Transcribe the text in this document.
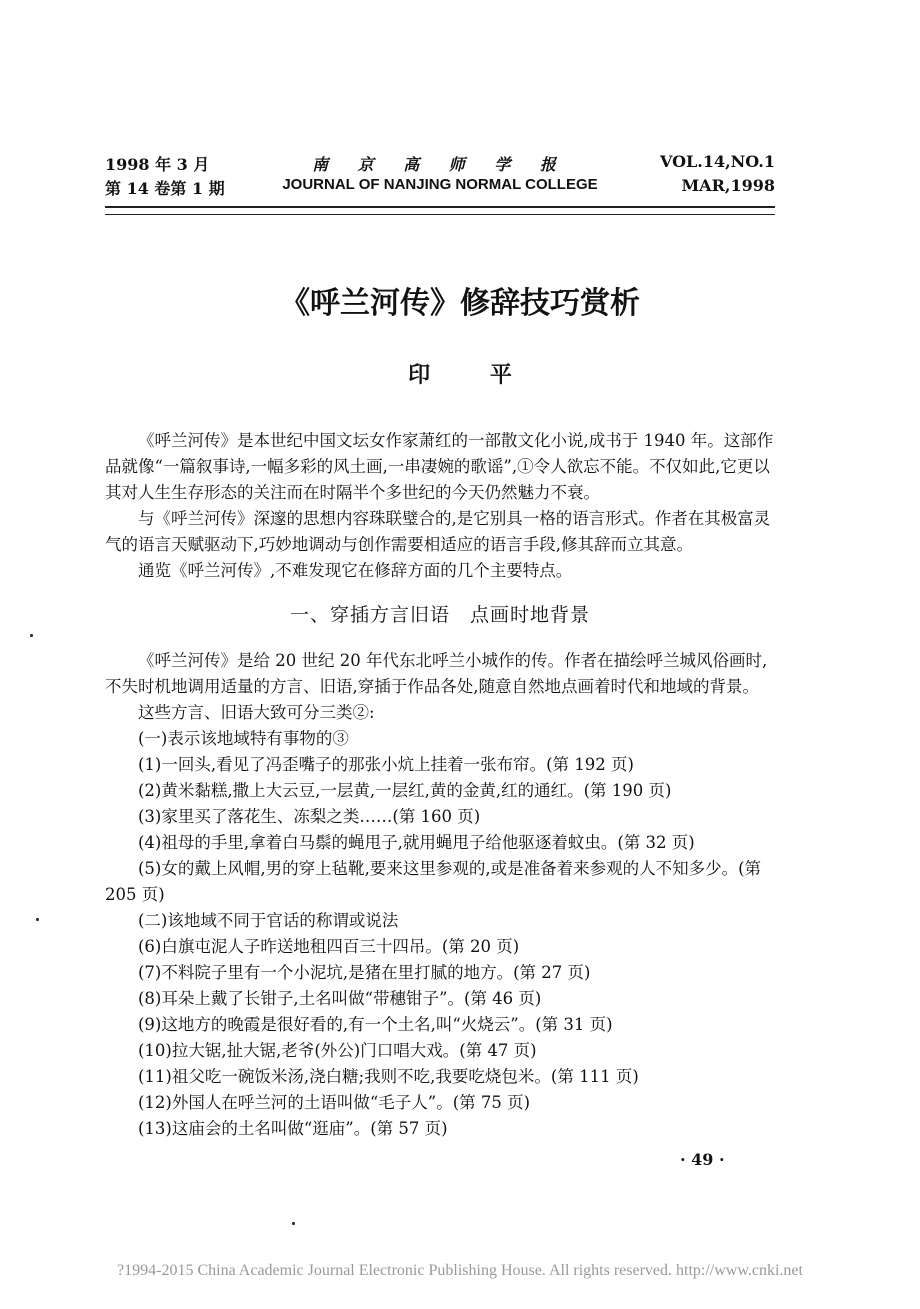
1998 年 3 月	南 京 高 师 学 报	VOL.14,NO.1
第 14 卷第 1 期	JOURNAL OF NANJING NORMAL COLLEGE	MAR,1998
《呼兰河传》修辞技巧赏析
印 平

《呼兰河传》是本世纪中国文坛女作家萧红的一部散文化小说,成书于 1940 年。这部作品就像“一篇叙事诗,一幅多彩的风土画,一串凄婉的歌谣”,①令人欲忘不能。不仅如此,它更以其对人生生存形态的关注而在时隔半个多世纪的今天仍然魅力不衰。

与《呼兰河传》深邃的思想内容珠联璧合的,是它别具一格的语言形式。作者在其极富灵气的语言天赋驱动下,巧妙地调动与创作需要相适应的语言手段,修其辞而立其意。

通览《呼兰河传》,不难发现它在修辞方面的几个主要特点。

一、穿插方言旧语　点画时地背景

《呼兰河传》是给 20 世纪 20 年代东北呼兰小城作的传。作者在描绘呼兰城风俗画时,不失时机地调用适量的方言、旧语,穿插于作品各处,随意自然地点画着时代和地域的背景。

这些方言、旧语大致可分三类②:

(一)表示该地域特有事物的③

(1)一回头,看见了冯歪嘴子的那张小炕上挂着一张布帘。(第 192 页)

(2)黄米黏糕,撒上大云豆,一层黄,一层红,黄的金黄,红的通红。(第 190 页)

(3)家里买了落花生、冻梨之类……(第 160 页)

(4)祖母的手里,拿着白马鬃的蝇甩子,就用蝇甩子给他驱逐着蚊虫。(第 32 页)

(5)女的戴上风帽,男的穿上毡靴,要来这里参观的,或是准备着来参观的人不知多少。(第 205 页)

(二)该地域不同于官话的称谓或说法

(6)白旗屯泥人子昨送地租四百三十四吊。(第 20 页)

(7)不料院子里有一个小泥坑,是猪在里打腻的地方。(第 27 页)

(8)耳朵上戴了长钳子,土名叫做“带穗钳子”。(第 46 页)

(9)这地方的晚霞是很好看的,有一个土名,叫“火烧云”。(第 31 页)

(10)拉大锯,扯大锯,老爷(外公)门口唱大戏。(第 47 页)

(11)祖父吃一碗饭米汤,浇白糖;我则不吃,我要吃烧包米。(第 111 页)

(12)外国人在呼兰河的土语叫做“毛子人”。(第 75 页)

(13)这庙会的土名叫做“逛庙”。(第 57 页)

· 49 ·
?1994-2015 China Academic Journal Electronic Publishing House. All rights reserved. http://www.cnki.net
